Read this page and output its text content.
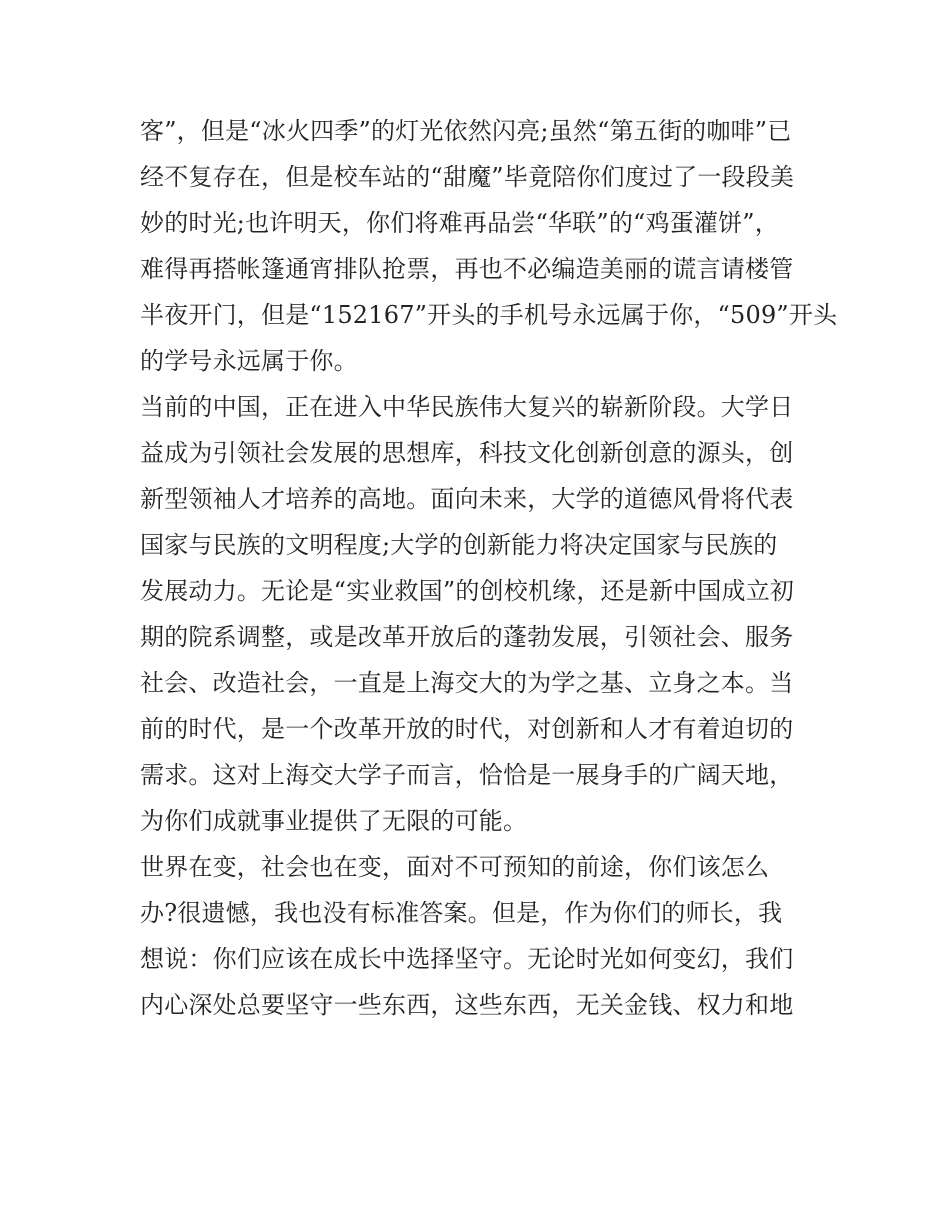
客”，但是“冰火四季”的灯光依然闪亮;虽然“第五街的咖啡”已
经不复存在，但是校车站的“甜魔”毕竟陪你们度过了一段段美
妙的时光;也许明天，你们将难再品尝“华联”的“鸡蛋灌饼”，
难得再搭帐篷通宵排队抢票，再也不必编造美丽的谎言请楼管
半夜开门，但是“152167”开头的手机号永远属于你，“509”开头
的学号永远属于你。
当前的中国，正在进入中华民族伟大复兴的崭新阶段。大学日
益成为引领社会发展的思想库，科技文化创新创意的源头，创
新型领袖人才培养的高地。面向未来，大学的道德风骨将代表
国家与民族的文明程度;大学的创新能力将决定国家与民族的
发展动力。无论是“实业救国”的创校机缘，还是新中国成立初
期的院系调整，或是改革开放后的蓬勃发展，引领社会、服务
社会、改造社会，一直是上海交大的为学之基、立身之本。当
前的时代，是一个改革开放的时代，对创新和人才有着迫切的
需求。这对上海交大学子而言，恰恰是一展身手的广阔天地，
为你们成就事业提供了无限的可能。
世界在变，社会也在变，面对不可预知的前途，你们该怎么
办?很遗憾，我也没有标准答案。但是，作为你们的师长，我
想说：你们应该在成长中选择坚守。无论时光如何变幻，我们
内心深处总要坚守一些东西，这些东西，无关金钱、权力和地
